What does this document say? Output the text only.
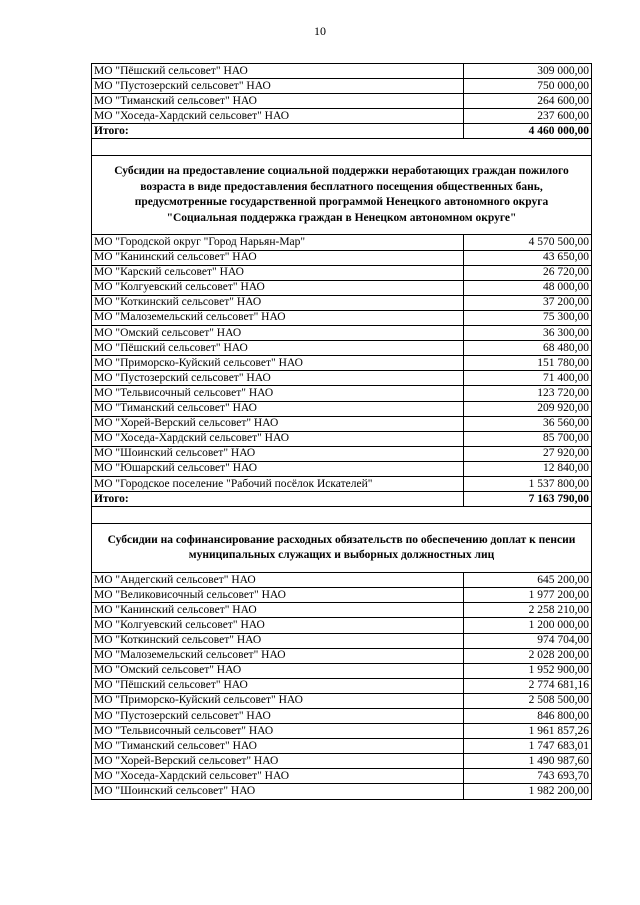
10
МО "Пёшский сельсовет" НАО	309 000,00
МО "Пустозерский сельсовет" НАО	750 000,00
МО "Тиманский сельсовет" НАО	264 600,00
МО "Хоседа-Хардский сельсовет" НАО	237 600,00
Итого:	4 460 000,00

Субсидии на предоставление социальной поддержки неработающих граждан пожилого возраста в виде предоставления бесплатного посещения общественных бань, предусмотренные государственной программой Ненецкого автономного округа "Социальная поддержка граждан в Ненецком автономном округе"	
МО "Городской округ "Город Нарьян-Мар"	4 570 500,00
МО "Канинский сельсовет" НАО	43 650,00
МО "Карский сельсовет" НАО	26 720,00
МО "Колгуевский сельсовет" НАО	48 000,00
МО "Коткинский сельсовет" НАО	37 200,00
МО "Малоземельский сельсовет" НАО	75 300,00
МО "Омский сельсовет" НАО	36 300,00
МО "Пёшский сельсовет" НАО	68 480,00
МО "Приморско-Куйский сельсовет" НАО	151 780,00
МО "Пустозерский сельсовет" НАО	71 400,00
МО "Тельвисочный сельсовет" НАО	123 720,00
МО "Тиманский сельсовет" НАО	209 920,00
МО "Хорей-Верский сельсовет" НАО	36 560,00
МО "Хоседа-Хардский сельсовет" НАО	85 700,00
МО "Шоинский сельсовет" НАО	27 920,00
МО "Юшарский сельсовет" НАО	12 840,00
МО "Городское поселение "Рабочий посёлок Искателей"	1 537 800,00
Итого:	7 163 790,00

Субсидии на софинансирование расходных обязательств по обеспечению доплат к пенсии муниципальных служащих и выборных должностных лиц	
МО "Андегский сельсовет" НАО	645 200,00
МО "Великовисочный сельсовет" НАО	1 977 200,00
МО "Канинский сельсовет" НАО	2 258 210,00
МО "Колгуевский сельсовет" НАО	1 200 000,00
МО "Коткинский сельсовет" НАО	974 704,00
МО "Малоземельский сельсовет" НАО	2 028 200,00
МО "Омский сельсовет" НАО	1 952 900,00
МО "Пёшский сельсовет" НАО	2 774 681,16
МО "Приморско-Куйский сельсовет" НАО	2 508 500,00
МО "Пустозерский сельсовет" НАО	846 800,00
МО "Тельвисочный сельсовет" НАО	1 961 857,26
МО "Тиманский сельсовет" НАО	1 747 683,01
МО "Хорей-Верский сельсовет" НАО	1 490 987,60
МО "Хоседа-Хардский сельсовет" НАО	743 693,70
МО "Шоинский сельсовет" НАО	1 982 200,00
